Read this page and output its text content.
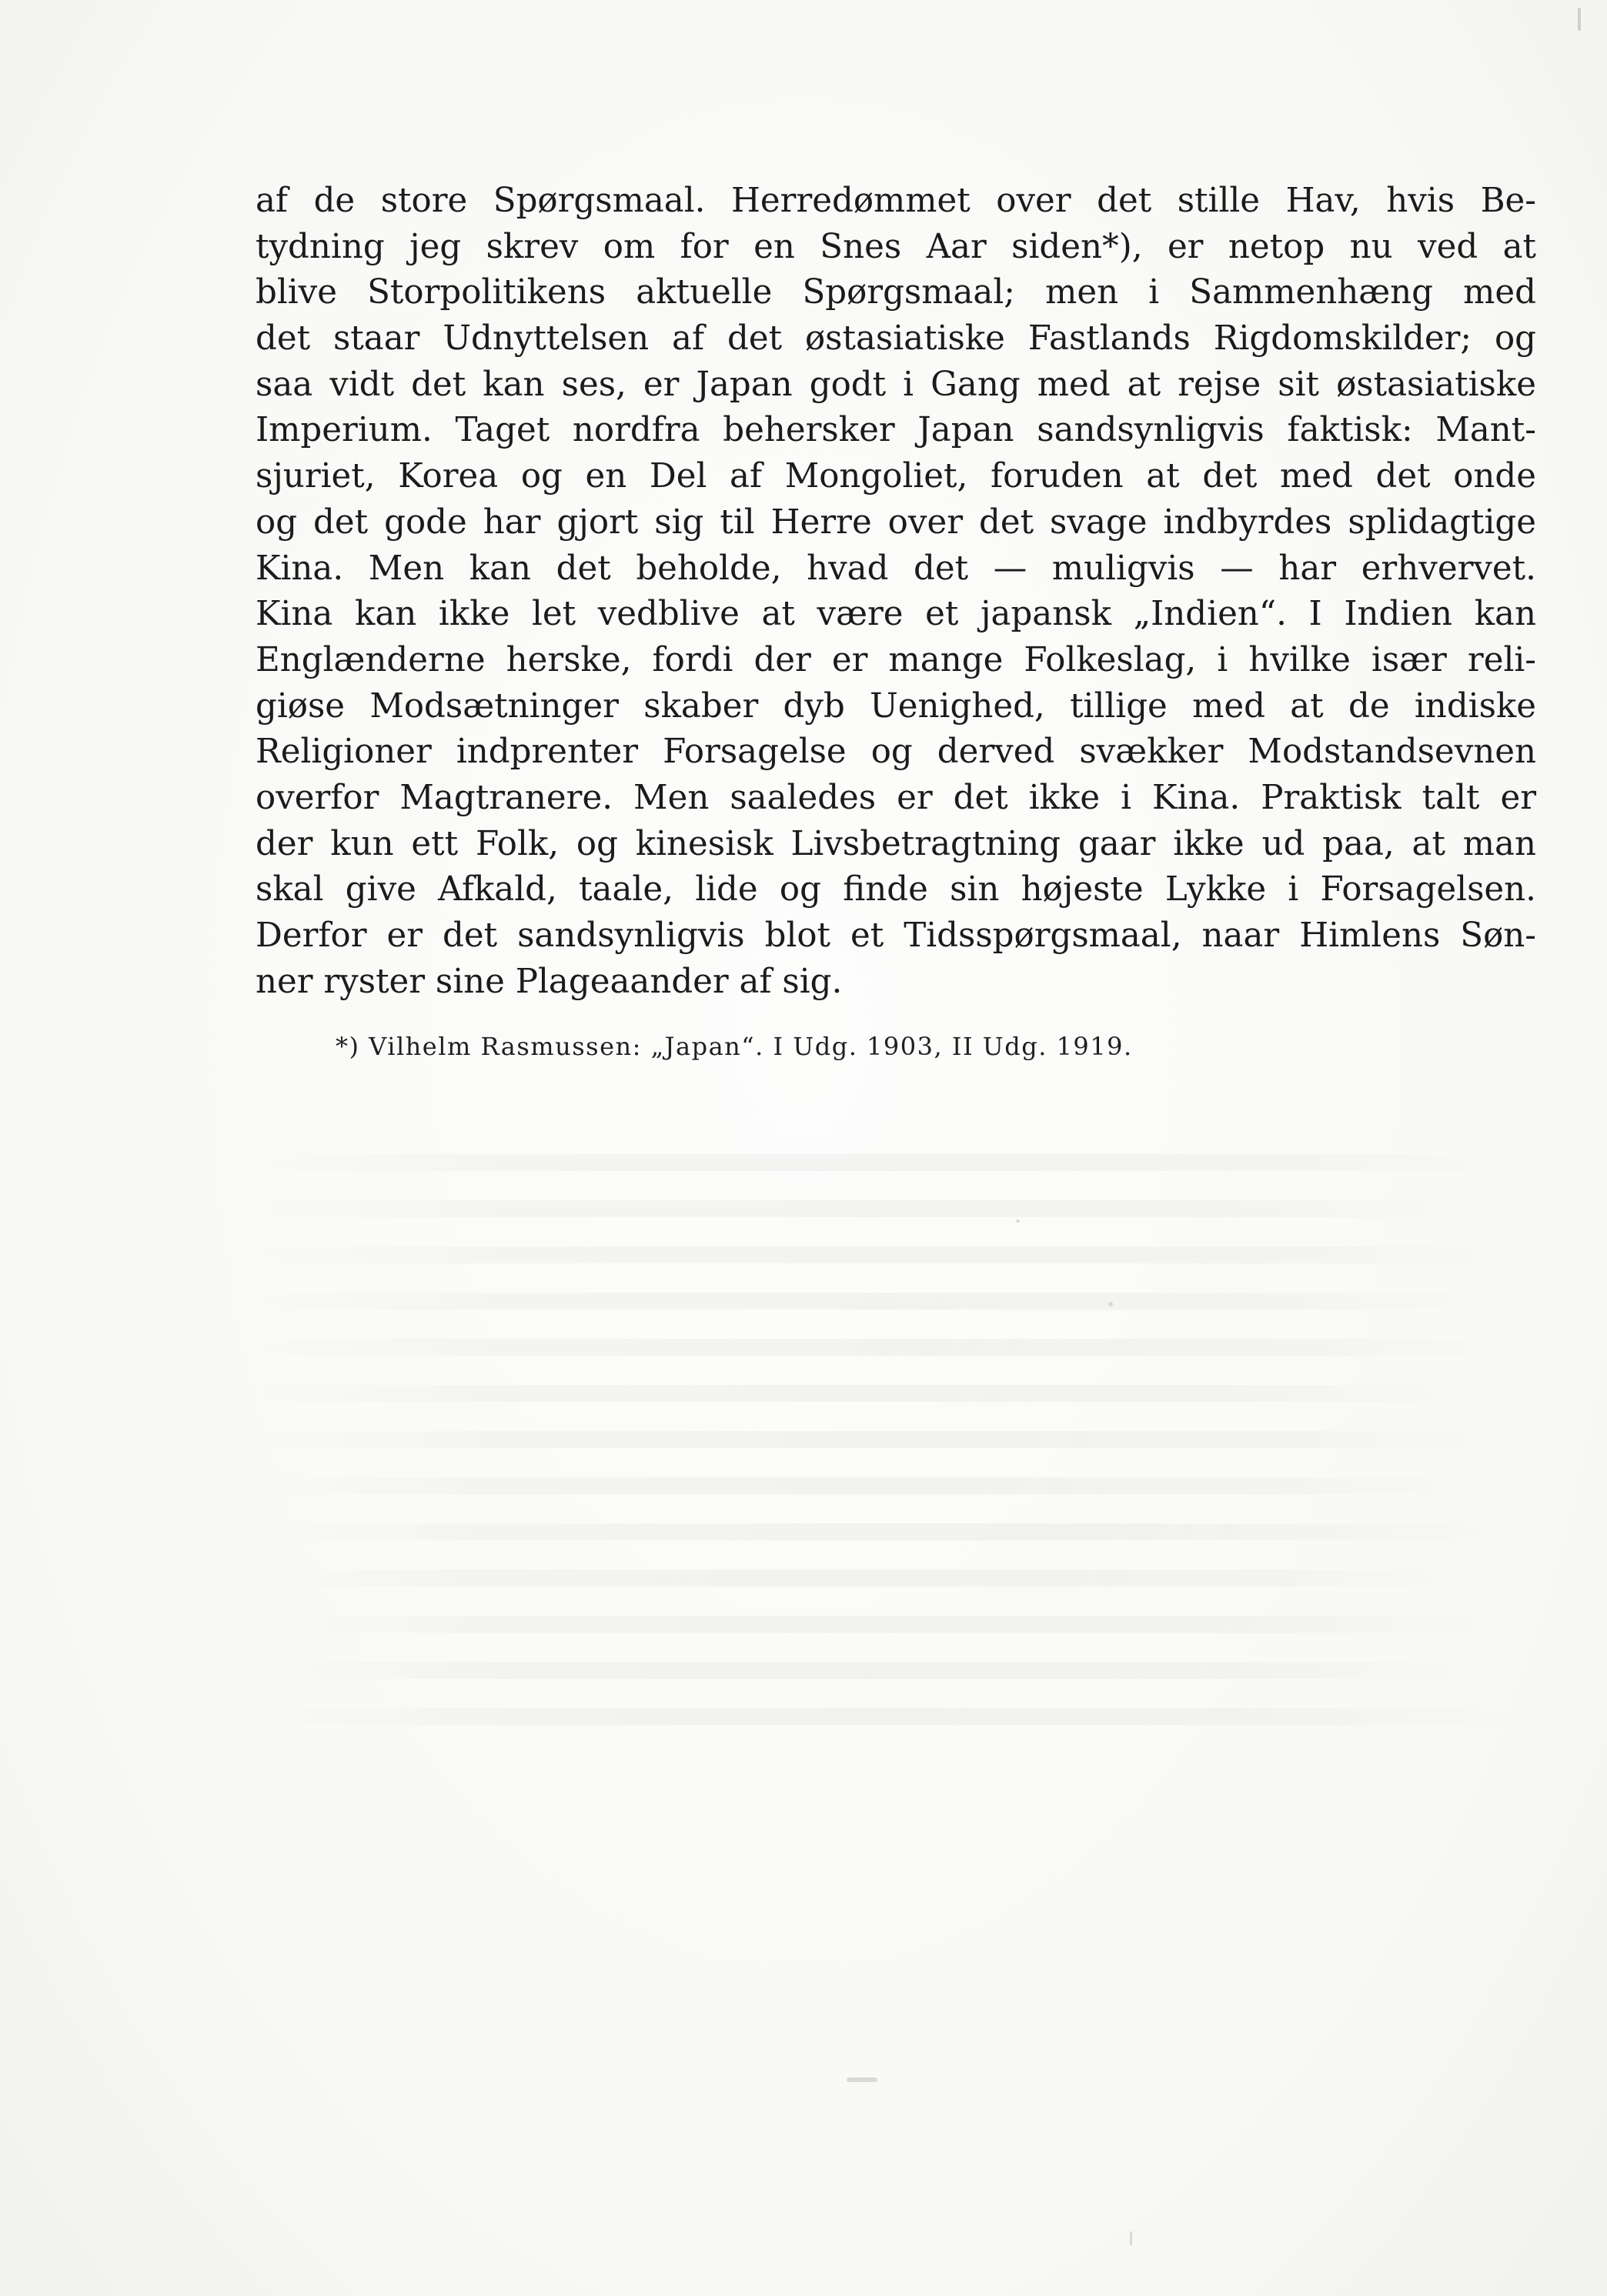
af de store Spørgsmaal. Herredømmet over det stille Hav, hvis Be-
tydning jeg skrev om for en Snes Aar siden*), er netop nu ved at
blive Storpolitikens aktuelle Spørgsmaal; men i Sammenhæng med
det staar Udnyttelsen af det østasiatiske Fastlands Rigdomskilder; og
saa vidt det kan ses, er Japan godt i Gang med at rejse sit østasiatiske
Imperium. Taget nordfra behersker Japan sandsynligvis faktisk: Mant-
sjuriet, Korea og en Del af Mongoliet, foruden at det med det onde
og det gode har gjort sig til Herre over det svage indbyrdes splidagtige
Kina. Men kan det beholde, hvad det — muligvis — har erhvervet.
Kina kan ikke let vedblive at være et japansk „Indien“. I Indien kan
Englænderne herske, fordi der er mange Folkeslag, i hvilke især reli-
giøse Modsætninger skaber dyb Uenighed, tillige med at de indiske
Religioner indprenter Forsagelse og derved svækker Modstandsevnen
overfor Magtranere. Men saaledes er det ikke i Kina. Praktisk talt er
der kun ett Folk, og kinesisk Livsbetragtning gaar ikke ud paa, at man
skal give Afkald, taale, lide og finde sin højeste Lykke i Forsagelsen.
Derfor er det sandsynligvis blot et Tidsspørgsmaal, naar Himlens Søn-
ner ryster sine Plageaander af sig.
*) Vilhelm Rasmussen: „Japan“. I Udg. 1903, II Udg. 1919.
